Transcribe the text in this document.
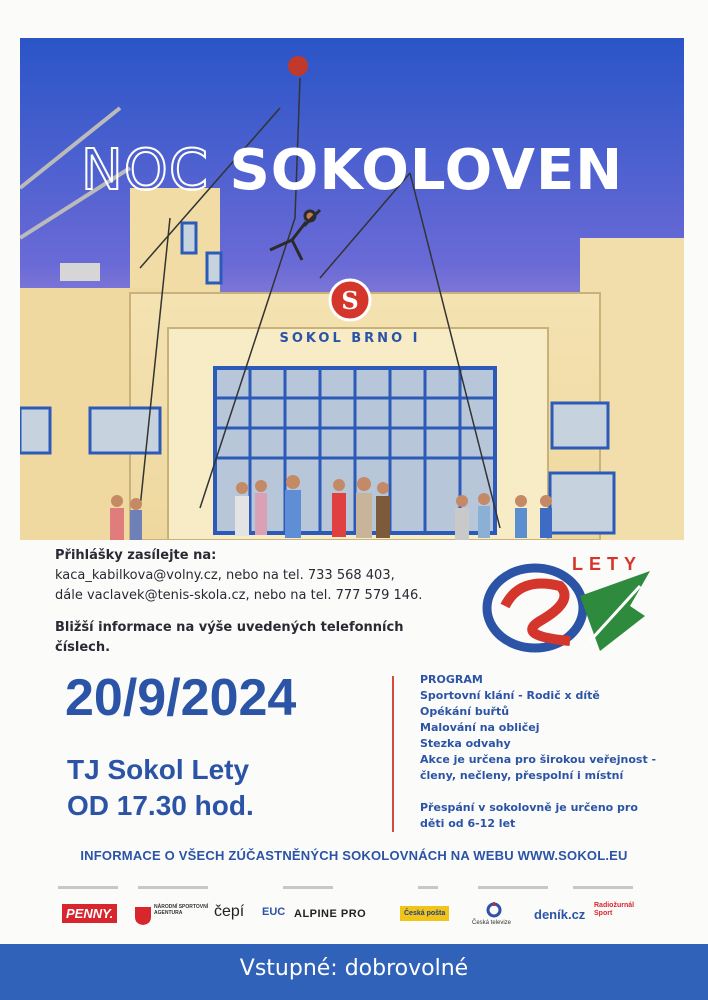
S
SOKOL BRNO I
NOC SOKOLOVEN
Přihlášky zasílejte na:
kaca_kabilkova@volny.cz, nebo na tel. 733 568 403,
dále vaclavek@tenis-skola.cz, nebo na tel. 777 579 146.
Bližší informace na výše uvedených telefonních číslech.
LETY
20/9/2024
TJ Sokol Lety
OD 17.30 hod.
PROGRAM
Sportovní klání - Rodič x dítě
Opékání buřtů
Malování na obličej
Stezka odvahy
Akce je určena pro širokou veřejnost -
členy, nečleny, přespolní i místní
Přespání v sokolovně je určeno pro
děti od 6-12 let
INFORMACE O VŠECH ZÚČASTNĚNÝCH SOKOLOVNÁCH NA WEBU WWW.SOKOL.EU
PENNY.	NÁRODNÍ SPORTOVNÍ AGENTURA	čepí EUC ALPINE PRO	Česká pošta
Česká televize
deník.cz
Radiožurnál
Sport
Vstupné: dobrovolné
